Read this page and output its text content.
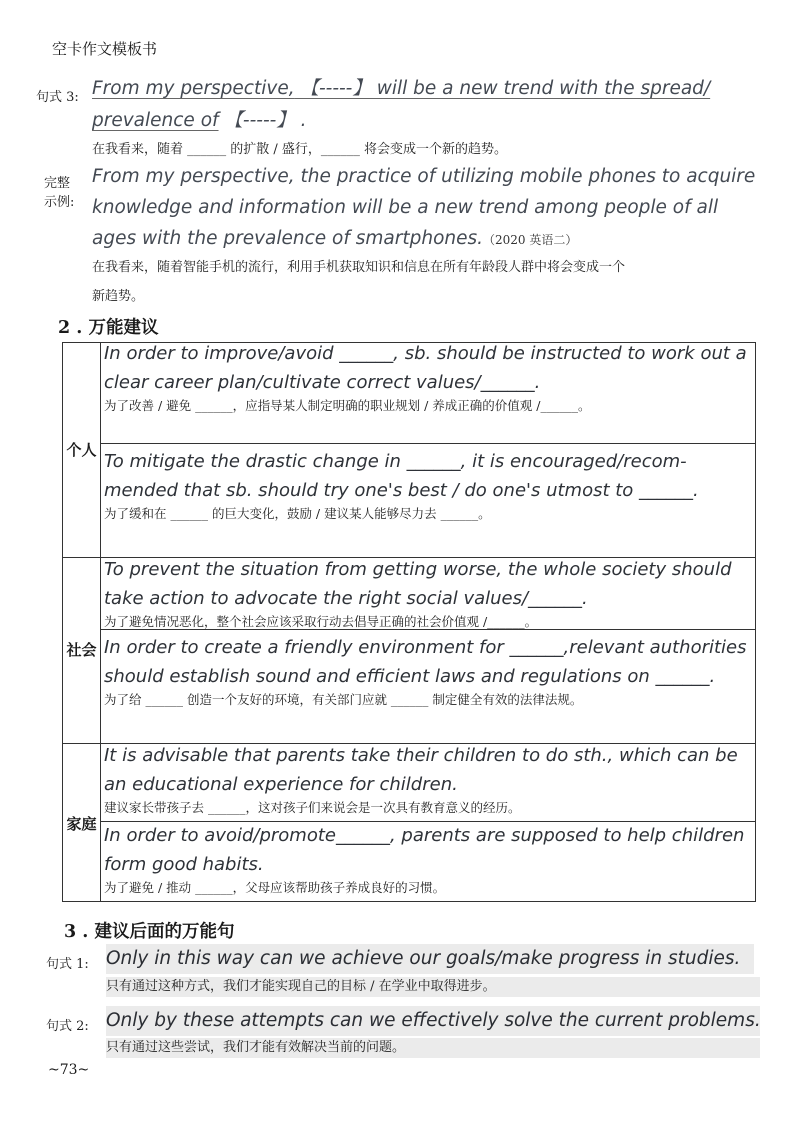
空卡作文模板书
句式 3: From my perspective, 【-----】 will be a new trend with the spread/
prevalence of 【-----】 .
在我看来，随着 ______ 的扩散 / 盛行，______ 将会变成一个新的趋势。
完整
示例:
From my perspective, the practice of utilizing mobile phones to acquire
knowledge and information will be a new trend among people of all
ages with the prevalence of smartphones.（2020 英语二）
在我看来，随着智能手机的流行，利用手机获取知识和信息在所有年龄段人群中将会变成一个
新趋势。
2 . 万能建议
个人
社会
家庭
In order to improve/avoid ______, sb. should be instructed to work out a
clear career plan/cultivate correct values/______.
为了改善 / 避免 ______，应指导某人制定明确的职业规划 / 养成正确的价值观 /______。
To mitigate the drastic change in ______, it is encouraged/recom-
mended that sb. should try one's best / do one's utmost to ______.
为了缓和在 ______ 的巨大变化，鼓励 / 建议某人能够尽力去 ______。
To prevent the situation from getting worse, the whole society should
take action to advocate the right social values/______.
为了避免情况恶化，整个社会应该采取行动去倡导正确的社会价值观 /______。
In order to create a friendly environment for ______,relevant authorities
should establish sound and efficient laws and regulations on ______.
为了给 ______ 创造一个友好的环境，有关部门应就 ______ 制定健全有效的法律法规。
It is advisable that parents take their children to do sth., which can be
an educational experience for children.
建议家长带孩子去 ______，这对孩子们来说会是一次具有教育意义的经历。
In order to avoid/promote______, parents are supposed to help children
form good habits.
为了避免 / 推动 ______，父母应该帮助孩子养成良好的习惯。
3 . 建议后面的万能句
句式 1: Only in this way can we achieve our goals/make progress in studies.
只有通过这种方式，我们才能实现自己的目标 / 在学业中取得进步。
句式 2: Only by these attempts can we effectively solve the current problems.
只有通过这些尝试，我们才能有效解决当前的问题。
~73~
